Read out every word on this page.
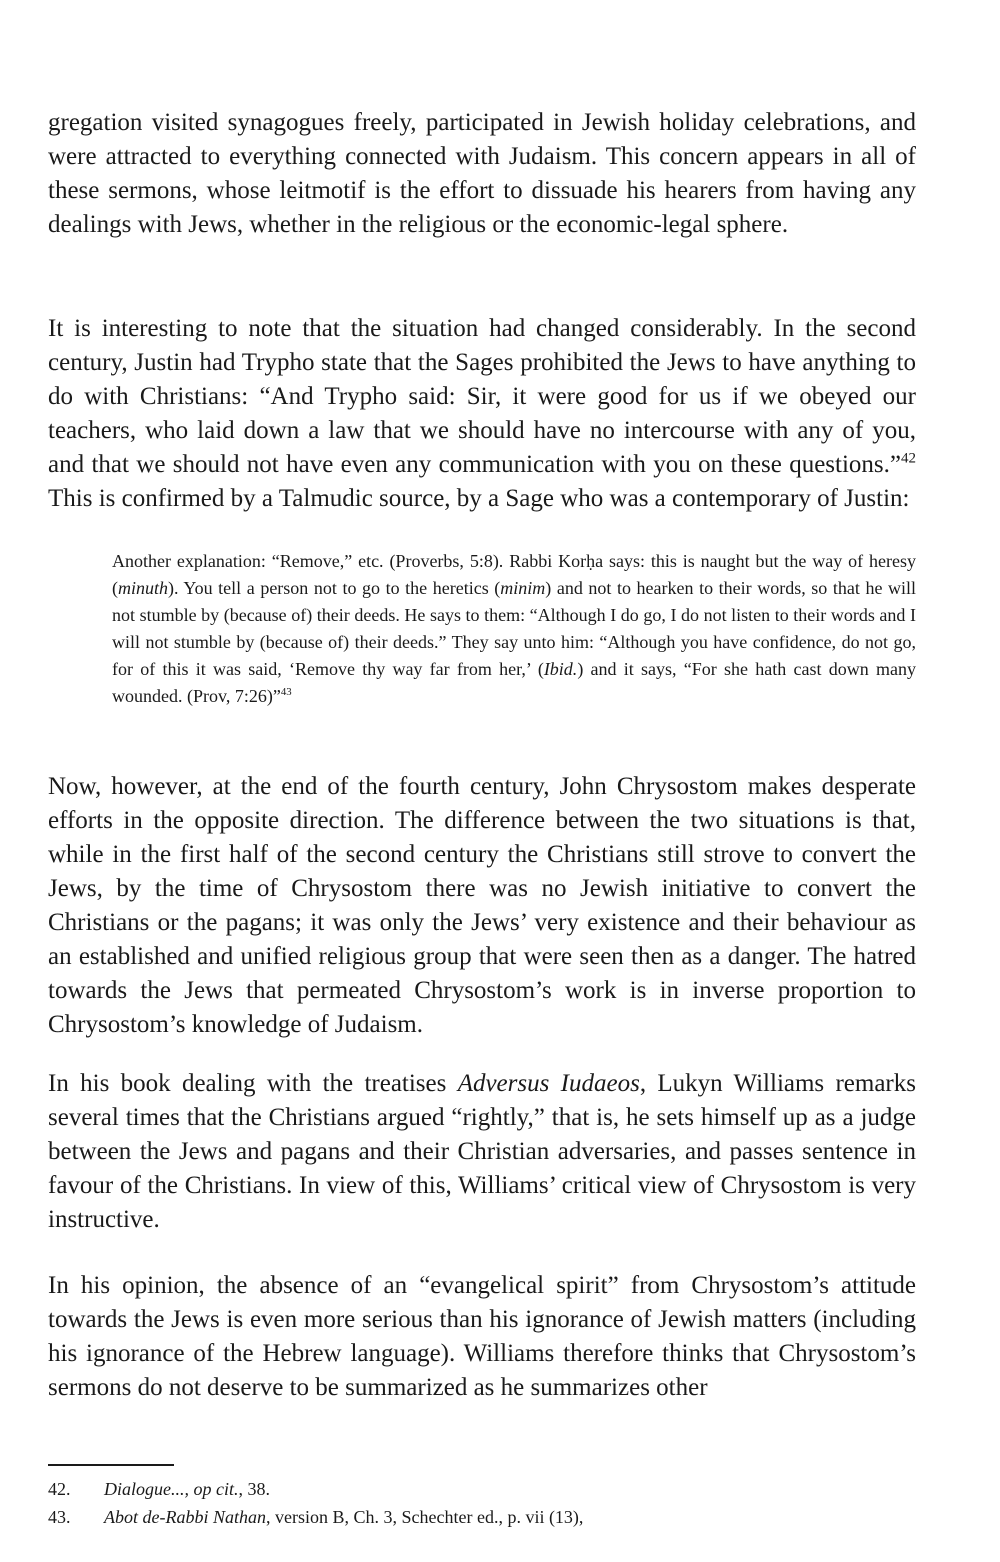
gregation visited synagogues freely, participated in Jewish holiday celebrations, and were attracted to everything connected with Judaism. This concern appears in all of these sermons, whose leitmotif is the effort to dissuade his hearers from having any dealings with Jews, whether in the religious or the economic-legal sphere.

It is interesting to note that the situation had changed considerably. In the second century, Justin had Trypho state that the Sages prohibited the Jews to have anything to do with Christians: “And Trypho said: Sir, it were good for us if we obeyed our teachers, who laid down a law that we should have no intercourse with any of you, and that we should not have even any communication with you on these questions.”$^{42}$ This is confirmed by a Talmudic source, by a Sage who was a contemporary of Justin:

Another explanation: “Remove,” etc. (Proverbs, 5:8). Rabbi Korḥa says: this is naught but the way of heresy (minuth). You tell a person not to go to the heretics (minim) and not to hearken to their words, so that he will not stumble by (because of) their deeds. He says to them: “Although I do go, I do not listen to their words and I will not stumble by (because of) their deeds.” They say unto him: “Although you have confidence, do not go, for of this it was said, ‘Remove thy way far from her,’ (Ibid.) and it says, “For she hath cast down many wounded. (Prov, 7:26)”$^{43}$

Now, however, at the end of the fourth century, John Chrysostom makes desperate efforts in the opposite direction. The difference between the two situations is that, while in the first half of the second century the Christians still strove to convert the Jews, by the time of Chrysostom there was no Jewish initiative to convert the Christians or the pagans; it was only the Jews’ very existence and their behaviour as an established and unified religious group that were seen then as a danger. The hatred towards the Jews that permeated Chrysostom’s work is in inverse proportion to Chrysostom’s knowledge of Judaism.

In his book dealing with the treatises Adversus Iudaeos, Lukyn Williams remarks several times that the Christians argued “rightly,” that is, he sets himself up as a judge between the Jews and pagans and their Christian adversaries, and passes sentence in favour of the Christians. In view of this, Williams’ critical view of Chrysostom is very instructive.

In his opinion, the absence of an “evangelical spirit” from Chrysostom’s attitude towards the Jews is even more serious than his ignorance of Jewish matters (including his ignorance of the Hebrew language). Williams therefore thinks that Chrysostom’s sermons do not deserve to be summarized as he summarizes other

42. Dialogue..., op cit., 38.
43. Abot de-Rabbi Nathan, version B, Ch. 3, Schechter ed., p. vii (13),
